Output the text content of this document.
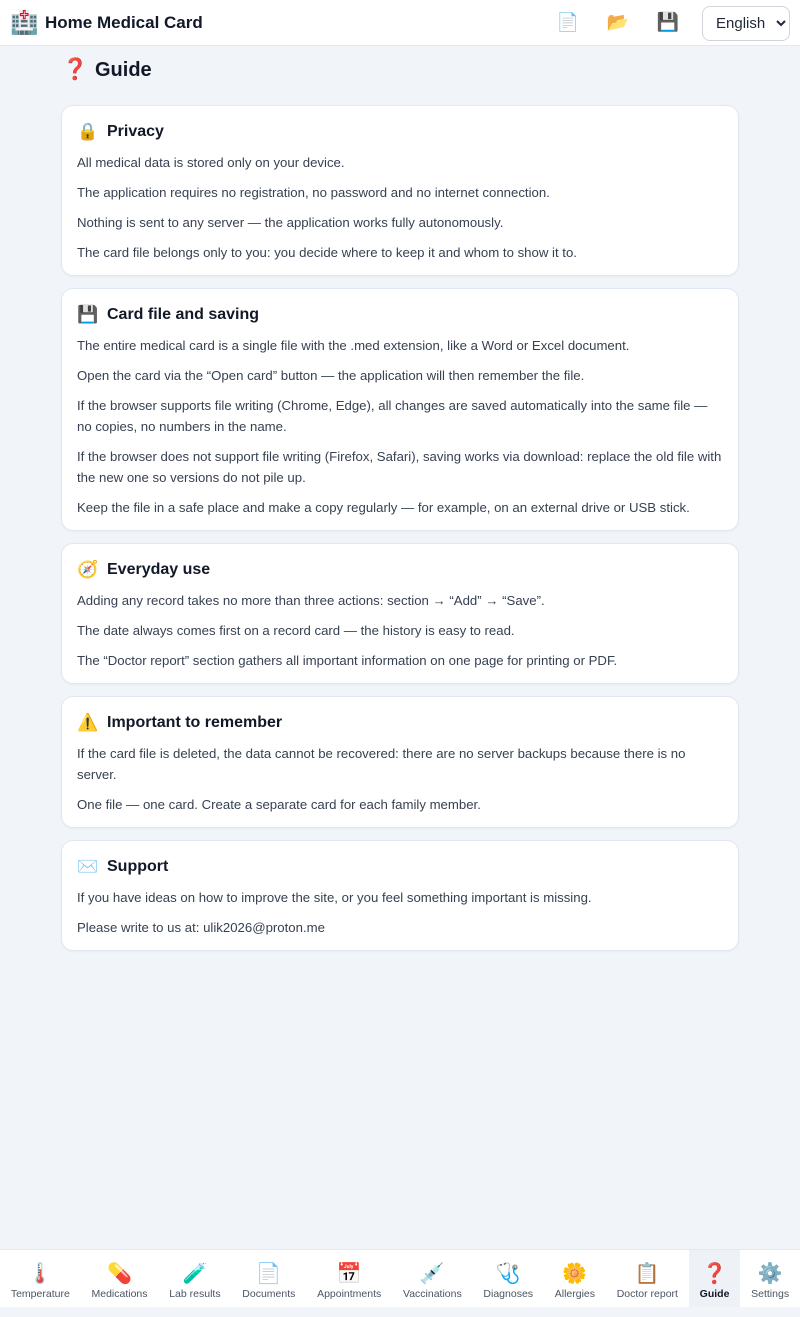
🏥 Home Medical Card	📄	📂	💾
English
❓ Guide
🔒 Privacy

All medical data is stored only on your device.

The application requires no registration, no password and no internet connection.

Nothing is sent to any server — the application works fully autonomously.

The card file belongs only to you: you decide where to keep it and whom to show it to.

💾 Card file and saving

The entire medical card is a single file with the .med extension, like a Word or Excel document.

Open the card via the “Open card” button — the application will then remember the file.

If the browser supports file writing (Chrome, Edge), all changes are saved automatically into the same file — no copies, no numbers in the name.

If the browser does not support file writing (Firefox, Safari), saving works via download: replace the old file with the new one so versions do not pile up.

Keep the file in a safe place and make a copy regularly — for example, on an external drive or USB stick.

🧭 Everyday use

Adding any record takes no more than three actions: section → “Add” → “Save”.

The date always comes first on a record card — the history is easy to read.

The “Doctor report” section gathers all important information on one page for printing or PDF.

⚠️ Important to remember

If the card file is deleted, the data cannot be recovered: there are no server backups because there is no server.

One file — one card. Create a separate card for each family member.

✉️ Support

If you have ideas on how to improve the site, or you feel something important is missing.

Please write to us at: ulik2026@proton.me

🌡️
Temperature
💊
Medications
🧪
Lab results
📄
Documents
📅
Appointments
💉
Vaccinations
🩺
Diagnoses
🌼
Allergies
📋
Doctor report
❓
Guide
⚙️
Settings
